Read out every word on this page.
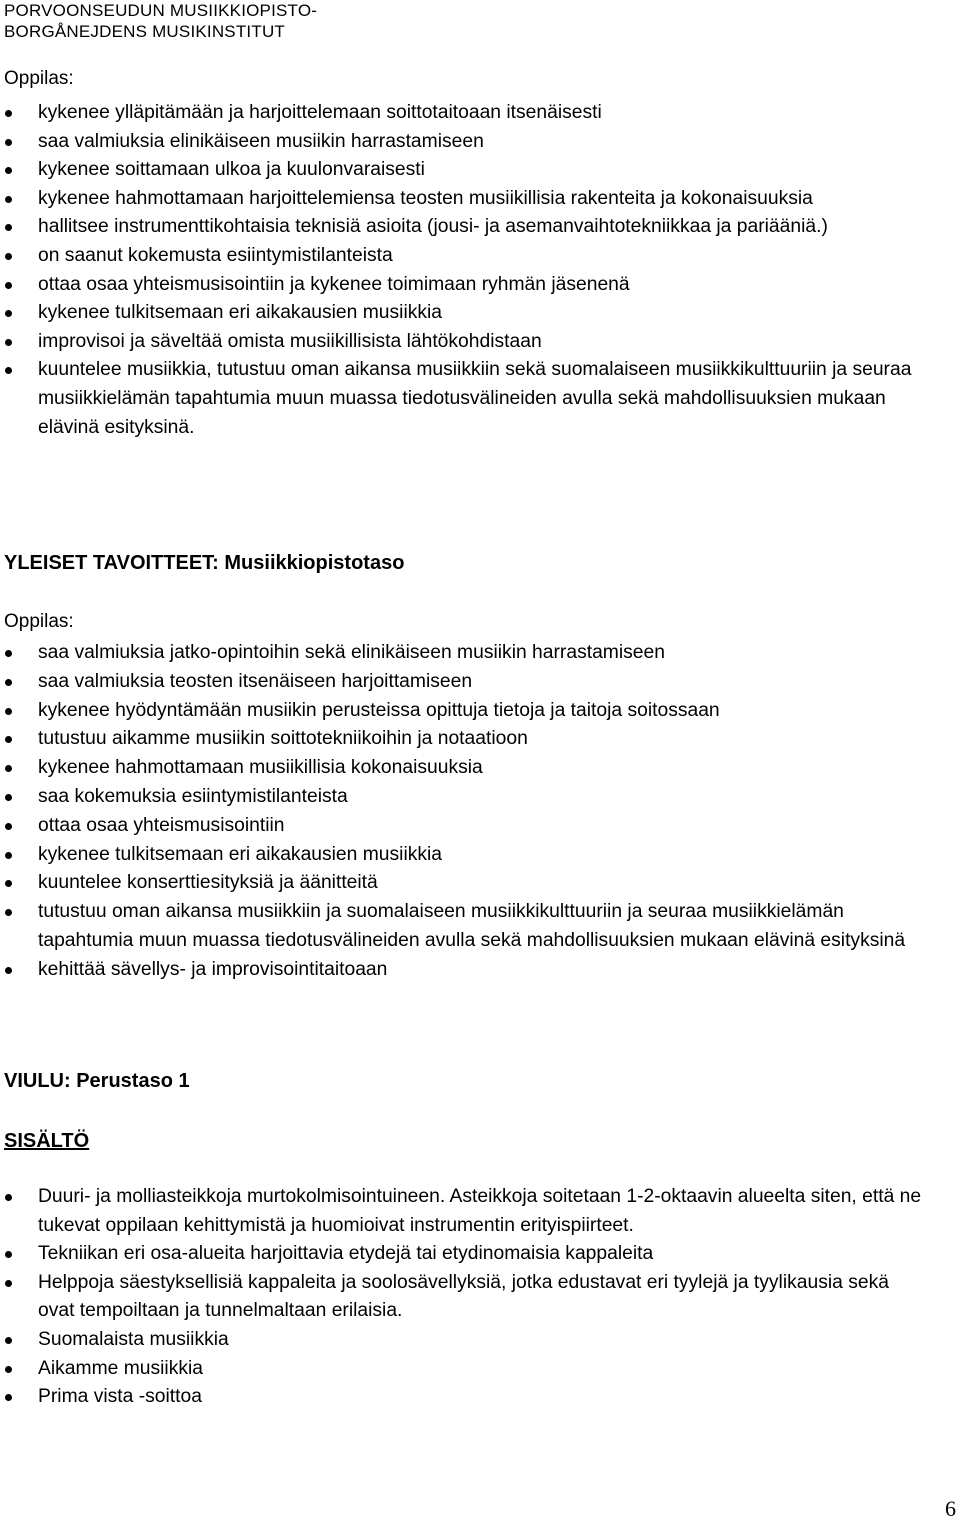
PORVOONSEUDUN MUSIIKKIOPISTO-
BORGÅNEJDENS MUSIKINSTITUT
Oppilas:
kykenee ylläpitämään ja harjoittelemaan soittotaitoaan itsenäisesti
saa valmiuksia elinikäiseen musiikin harrastamiseen
kykenee soittamaan ulkoa ja kuulonvaraisesti
kykenee hahmottamaan harjoittelemiensa teosten musiikillisia rakenteita ja kokonaisuuksia
hallitsee instrumenttikohtaisia teknisiä asioita (jousi- ja asemanvaihtotekniikkaa ja pariääniä.)
on saanut kokemusta esiintymistilanteista
ottaa osaa yhteismusisointiin ja kykenee toimimaan ryhmän jäsenenä
kykenee tulkitsemaan eri aikakausien musiikkia
improvisoi ja säveltää omista musiikillisista lähtökohdistaan
kuuntelee musiikkia, tutustuu oman aikansa musiikkiin sekä suomalaiseen musiikkikulttuuriin ja seuraa musiikkielämän tapahtumia muun muassa tiedotusvälineiden avulla sekä mahdollisuuksien mukaan elävinä esityksinä.
YLEISET TAVOITTEET: Musiikkiopistotaso
Oppilas:
saa valmiuksia jatko-opintoihin sekä elinikäiseen musiikin harrastamiseen
saa valmiuksia teosten itsenäiseen harjoittamiseen
kykenee hyödyntämään musiikin perusteissa opittuja tietoja ja taitoja soitossaan
tutustuu aikamme musiikin soittotekniikoihin ja notaatioon
kykenee hahmottamaan musiikillisia kokonaisuuksia
saa kokemuksia esiintymistilanteista
ottaa osaa yhteismusisointiin
kykenee tulkitsemaan eri aikakausien musiikkia
kuuntelee konserttiesityksiä ja äänitteitä
tutustuu oman aikansa musiikkiin ja suomalaiseen musiikkikulttuuriin ja seuraa musiikkielämän tapahtumia muun muassa tiedotusvälineiden avulla sekä mahdollisuuksien mukaan elävinä esityksinä
kehittää sävellys- ja improvisointitaitoaan
VIULU: Perustaso 1
SISÄLTÖ
Duuri- ja molliasteikkoja murtokolmisointuineen. Asteikkoja soitetaan 1-2-oktaavin alueelta siten, että ne tukevat oppilaan kehittymistä ja huomioivat instrumentin erityispiirteet.
Tekniikan eri osa-alueita harjoittavia etydejä tai etydinomaisia kappaleita
Helppoja säestyksellisiä kappaleita ja soolosävellyksiä, jotka edustavat eri tyylejä ja tyylikausia sekä ovat tempoiltaan ja tunnelmaltaan erilaisia.
Suomalaista musiikkia
Aikamme musiikkia
Prima vista -soittoa
6
